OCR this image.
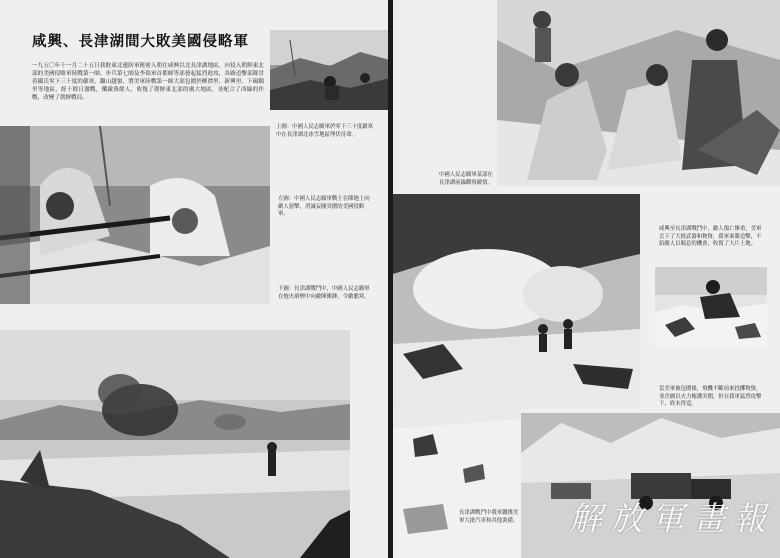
咸興、長津湖間大敗美國侵略軍
一九五〇年十一月二十五日我駐東北邊防軍秘密入朝在咸興以北長津湖地區，向侵入朝鮮東北部的美國侵略軍陸戰第一師、步兵第七師及李偽軍首都師等部發起猛烈進攻，各路追擊部隊冒着攝氏零下三十度的嚴寒，翻山越嶺，將美軍陸戰第一師大部包圍於柳潭里、新興里、下碣隅里等地區，經十餘日激戰，殲敵萬餘人，收復了朝鮮東北部的廣大地區，並配合了西線的作戰，改變了朝鮮戰局。
上圖：中國人民志願軍於零下三十度嚴寒中在長津湖北冰雪地區埋伏待命。
左圖：中國人民志願軍戰士在陣地上向敵人射擊，消滅妄圖突圍的美國侵略軍。
下圖：長津湖戰鬥中，中國人民志願軍在炮火硝煙中向敵陣衝鋒，令敵膽寒。
中國人民志願軍某部在長津湖前線觀察敵情。
咸興至長津湖戰鬥中，敵人傷亡慘重，美軍丟下了大批武器和物資，我軍乘勝追擊，不給敵人以喘息的機會，收復了大片土地。
當美軍被包圍後，飛機不斷前來投擲物資，並企圖以火力掩護突圍，但在我軍猛烈攻擊下，終未得逞。
長津湖戰鬥中我軍繳獲美軍大批汽車和其他裝備。 解放軍畫報
